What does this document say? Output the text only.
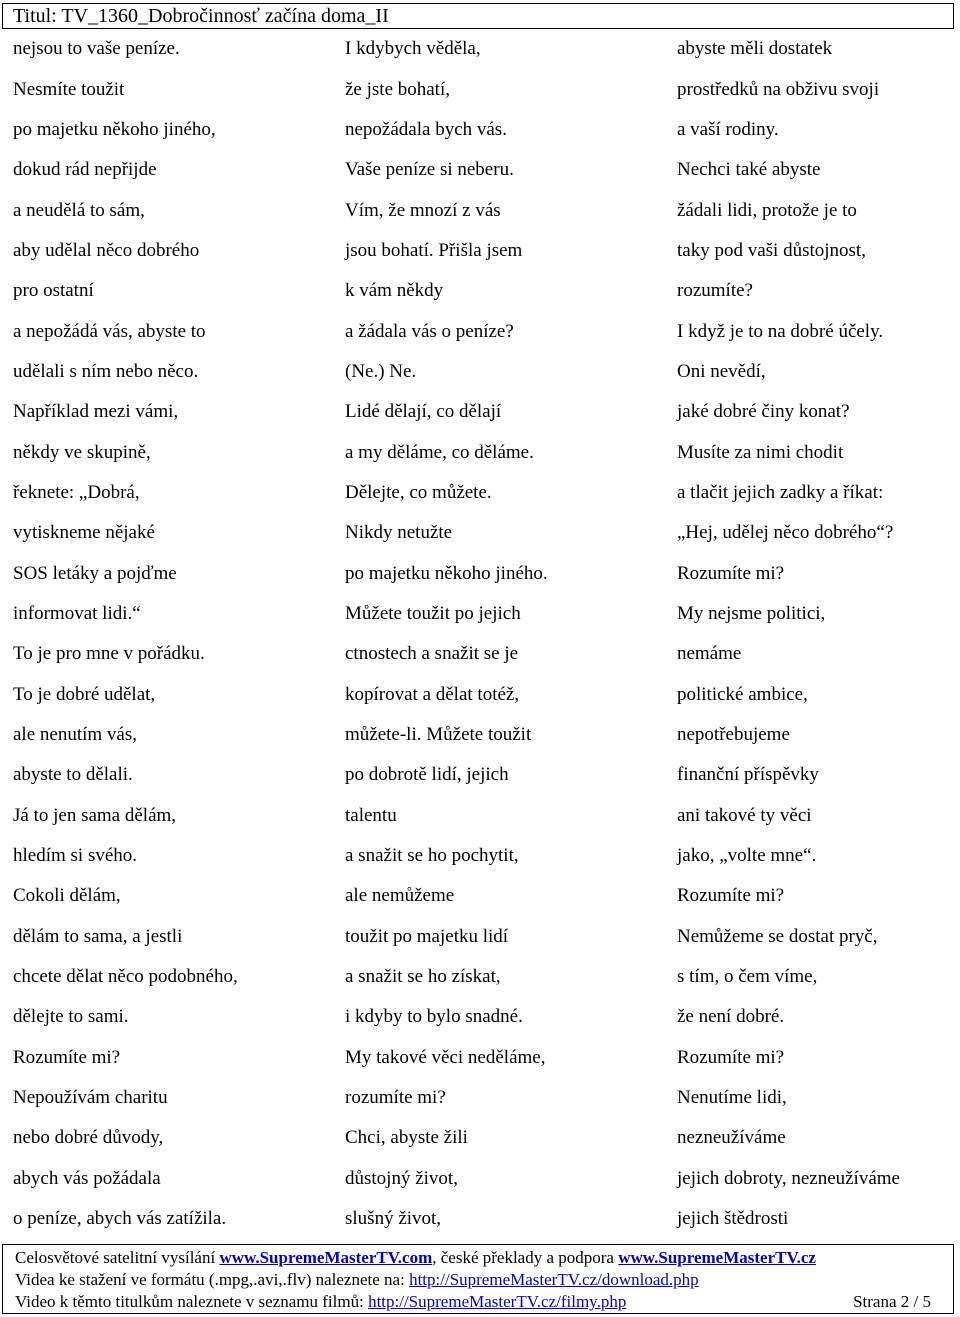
Titul: TV_1360_Dobročinnosť začína doma_II
nejsou to vaše peníze.
Nesmíte toužit
po majetku někoho jiného,
dokud rád nepřijde
a neudělá to sám,
aby udělal něco dobrého
pro ostatní
a nepožádá vás, abyste to
udělali s ním nebo něco.
Například mezi vámi,
někdy ve skupině,
řeknete: „Dobrá,
vytiskneme nějaké
SOS letáky a pojďme
informovat lidi.“
To je pro mne v pořádku.
To je dobré udělat,
ale nenutím vás,
abyste to dělali.
Já to jen sama dělám,
hledím si svého.
Cokoli dělám,
dělám to sama, a jestli
chcete dělat něco podobného,
dělejte to sami.
Rozumíte mi?
Nepoužívám charitu
nebo dobré důvody,
abych vás požádala
o peníze, abych vás zatížila.
I kdybych věděla,
že jste bohatí,
nepožádala bych vás.
Vaše peníze si neberu.
Vím, že mnozí z vás
jsou bohatí. Přišla jsem
k vám někdy
a žádala vás o peníze?
(Ne.) Ne.
Lidé dělají, co dělají
a my děláme, co děláme.
Dělejte, co můžete.
Nikdy netužte
po majetku někoho jiného.
Můžete toužit po jejich
ctnostech a snažit se je
kopírovat a dělat totéž,
můžete-li. Můžete toužit
po dobrotě lidí, jejich
talentu
a snažit se ho pochytit,
ale nemůžeme
toužit po majetku lidí
a snažit se ho získat,
i kdyby to bylo snadné.
My takové věci neděláme,
rozumíte mi?
Chci, abyste žili
důstojný život,
slušný život,
abyste měli dostatek
prostředků na obživu svoji
a vaší rodiny.
Nechci také abyste
žádali lidi, protože je to
taky pod vaši důstojnost,
rozumíte?
I když je to na dobré účely.
Oni nevědí,
jaké dobré činy konat?
Musíte za nimi chodit
a tlačit jejich zadky a říkat:
„Hej, udělej něco dobrého“?
Rozumíte mi?
My nejsme politici,
nemáme
politické ambice,
nepotřebujeme
finanční příspěvky
ani takové ty věci
jako, „volte mne“.
Rozumíte mi?
Nemůžeme se dostat pryč,
s tím, o čem víme,
že není dobré.
Rozumíte mi?
Nenutíme lidi,
nezneužíváme
jejich dobroty, nezneužíváme
jejich štědrosti
Celosvětové satelitní vysílání www.SupremeMasterTV.com, české překlady a podpora www.SupremeMasterTV.cz
Videa ke stažení ve formátu (.mpg,.avi,.flv) naleznete na: http://SupremeMasterTV.cz/download.php
Video k těmto titulkům naleznete v seznamu filmů: http://SupremeMasterTV.cz/filmy.php	Strana 2 / 5
